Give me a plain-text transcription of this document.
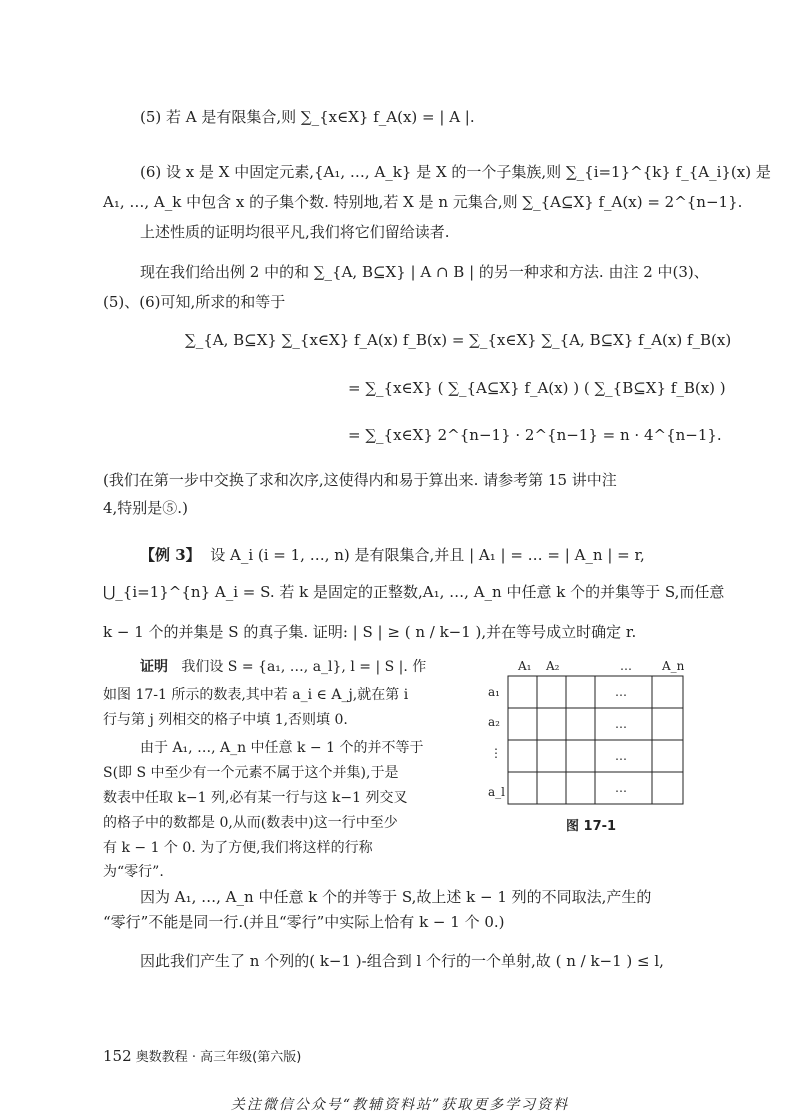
(5) 若 A 是有限集合,则 ∑_{x∈X} f_A(x) = | A |.
(6) 设 x 是 X 中固定元素,{A₁, …, A_k} 是 X 的一个子集族,则 ∑_{i=1}^{k} f_{A_i}(x) 是
A₁, …, A_k 中包含 x 的子集个数. 特别地,若 X 是 n 元集合,则 ∑_{A⊆X} f_A(x) = 2^{n−1}.
上述性质的证明均很平凡,我们将它们留给读者.
现在我们给出例 2 中的和 ∑_{A, B⊆X} | A ∩ B | 的另一种求和方法. 由注 2 中(3)、
(5)、(6)可知,所求的和等于
∑_{A, B⊆X} ∑_{x∈X} f_A(x) f_B(x) = ∑_{x∈X} ∑_{A, B⊆X} f_A(x) f_B(x)
= ∑_{x∈X} ( ∑_{A⊆X} f_A(x) ) ( ∑_{B⊆X} f_B(x) )
= ∑_{x∈X} 2^{n−1} · 2^{n−1} = n · 4^{n−1}.
(我们在第一步中交换了求和次序,这使得内和易于算出来. 请参考第 15 讲中注
4,特别是⑤.)
【例 3】 设 A_i (i = 1, …, n) 是有限集合,并且 | A₁ | = … = | A_n | = r,
⋃_{i=1}^{n} A_i = S. 若 k 是固定的正整数,A₁, …, A_n 中任意 k 个的并集等于 S,而任意
k − 1 个的并集是 S 的真子集. 证明: | S | ≥ ( n / k−1 ),并在等号成立时确定 r.
证明 我们设 S = {a₁, …, a_l}, l = | S |. 作
如图 17-1 所示的数表,其中若 a_i ∈ A_j,就在第 i
行与第 j 列相交的格子中填 1,否则填 0.
由于 A₁, …, A_n 中任意 k − 1 个的并不等于
S(即 S 中至少有一个元素不属于这个并集),于是
数表中任取 k−1 列,必有某一行与这 k−1 列交叉
的格子中的数都是 0,从而(数表中)这一行中至少
有 k − 1 个 0. 为了方便,我们将这样的行称
为“零行”.
A₁ A₂	…	A_n
a₁
a₂
⋮
a_l
…
…
…
…
图 17-1
因为 A₁, …, A_n 中任意 k 个的并等于 S,故上述 k − 1 列的不同取法,产生的
“零行”不能是同一行.(并且“零行”中实际上恰有 k − 1 个 0.)
因此我们产生了 n 个列的( k−1 )-组合到 l 个行的一个单射,故 ( n / k−1 ) ≤ l,
152 奥数教程 · 高三年级(第六版)
关注微信公众号“教辅资料站”获取更多学习资料
